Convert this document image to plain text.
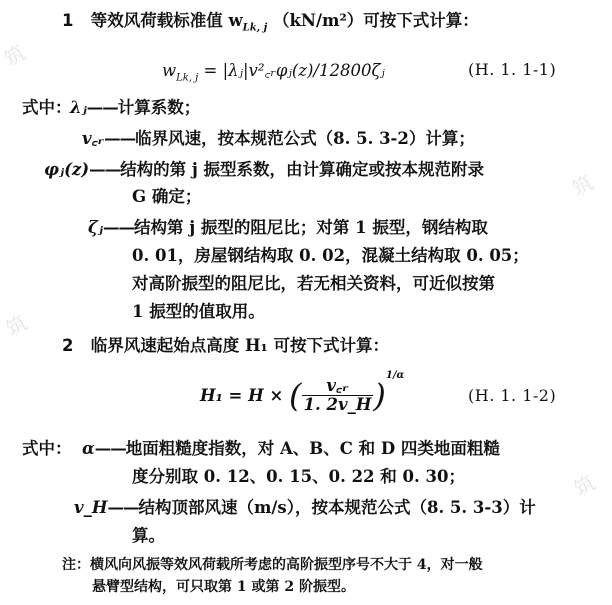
筑
筑
筑
筑
1 等效风荷载标准值 $w_{Lk, j}$ （kN/m²）可按下式计算：
$w_{Lk, j}$ = |λⱼ|v²꜀ᵣφⱼ(z)/12800ζⱼ	(H. 1. 1-1)
式中：
λⱼ——计算系数；
v꜀ᵣ——临界风速，按本规范公式（8. 5. 3-2）计算；
φⱼ(z)——结构的第 j 振型系数，由计算确定或按本规范附录
G 确定；
ζⱼ——结构第 j 振型的阻尼比；对第 1 振型，钢结构取
0. 01，房屋钢结构取 0. 02，混凝土结构取 0. 05；
对高阶振型的阻尼比，若无相关资料，可近似按第
1 振型的值取用。
2 临界风速起始点高度 H₁ 可按下式计算：
H₁ = H × ( $\frac{\text{v꜀ᵣ}}{1. 2v\_H} )^{1/\alpha}$
(H. 1. 1-2)
式中： α——地面粗糙度指数，对 A、B、C 和 D 四类地面粗糙
度分别取 0. 12、0. 15、0. 22 和 0. 30；
v_H——结构顶部风速（m/s），按本规范公式（8. 5. 3-3）计
算。
注：横风向风振等效风荷载所考虑的高阶振型序号不大于 4，对一般
悬臂型结构，可只取第 1 或第 2 阶振型。
